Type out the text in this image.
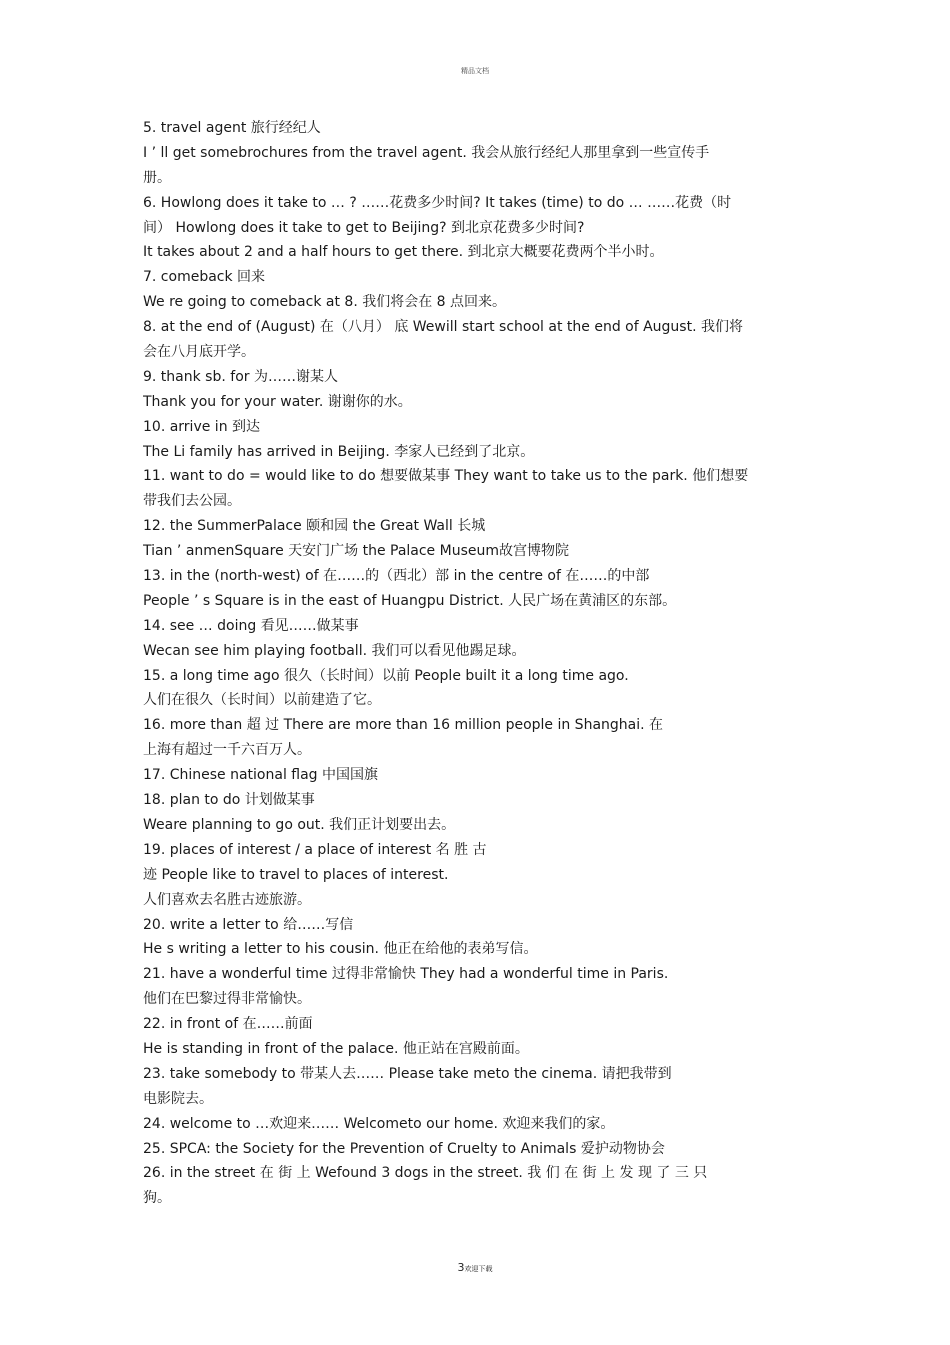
精品文档
5. travel agent 旅行经纪人
I ’ ll get somebrochures from the travel agent. 我会从旅行经纪人那里拿到一些宣传手
册。
6. Howlong does it take to … ? ……花费多少时间? It takes (time) to do … ……花费（时
间） Howlong does it take to get to Beijing? 到北京花费多少时间?
It takes about 2 and a half hours to get there. 到北京大概要花费两个半小时。
7. comeback 回来
We re going to comeback at 8. 我们将会在 8 点回来。
8. at the end of (August) 在（八月） 底 Wewill start school at the end of August. 我们将
会在八月底开学。
9. thank sb. for 为……谢某人
Thank you for your water. 谢谢你的水。
10. arrive in 到达
The Li family has arrived in Beijing. 李家人已经到了北京。
11. want to do = would like to do 想要做某事 They want to take us to the park. 他们想要
带我们去公园。
12. the SummerPalace 颐和园 the Great Wall 长城
Tian ’ anmenSquare 天安门广场 the Palace Museum故宫博物院
13. in the (north-west) of 在……的（西北）部 in the centre of 在……的中部
People ’ s Square is in the east of Huangpu District. 人民广场在黄浦区的东部。
14. see … doing 看见……做某事
Wecan see him playing football. 我们可以看见他踢足球。
15. a long time ago 很久（长时间）以前 People built it a long time ago.
人们在很久（长时间）以前建造了它。
16. more than 超 过 There are more than 16 million people in Shanghai. 在
上海有超过一千六百万人。
17. Chinese national flag 中国国旗
18. plan to do 计划做某事
Weare planning to go out. 我们正计划要出去。
19. places of interest / a place of interest 名 胜 古
迹 People like to travel to places of interest.
人们喜欢去名胜古迹旅游。
20. write a letter to 给……写信
He s writing a letter to his cousin. 他正在给他的表弟写信。
21. have a wonderful time 过得非常愉快 They had a wonderful time in Paris.
他们在巴黎过得非常愉快。
22. in front of 在……前面
He is standing in front of the palace. 他正站在宫殿前面。
23. take somebody to 带某人去…… Please take meto the cinema. 请把我带到
电影院去。
24. welcome to …欢迎来…… Welcometo our home. 欢迎来我们的家。
25. SPCA: the Society for the Prevention of Cruelty to Animals 爱护动物协会
26. in the street 在 街 上 Wefound 3 dogs in the street. 我 们 在 街 上 发 现 了 三 只
狗。
3欢迎下载
